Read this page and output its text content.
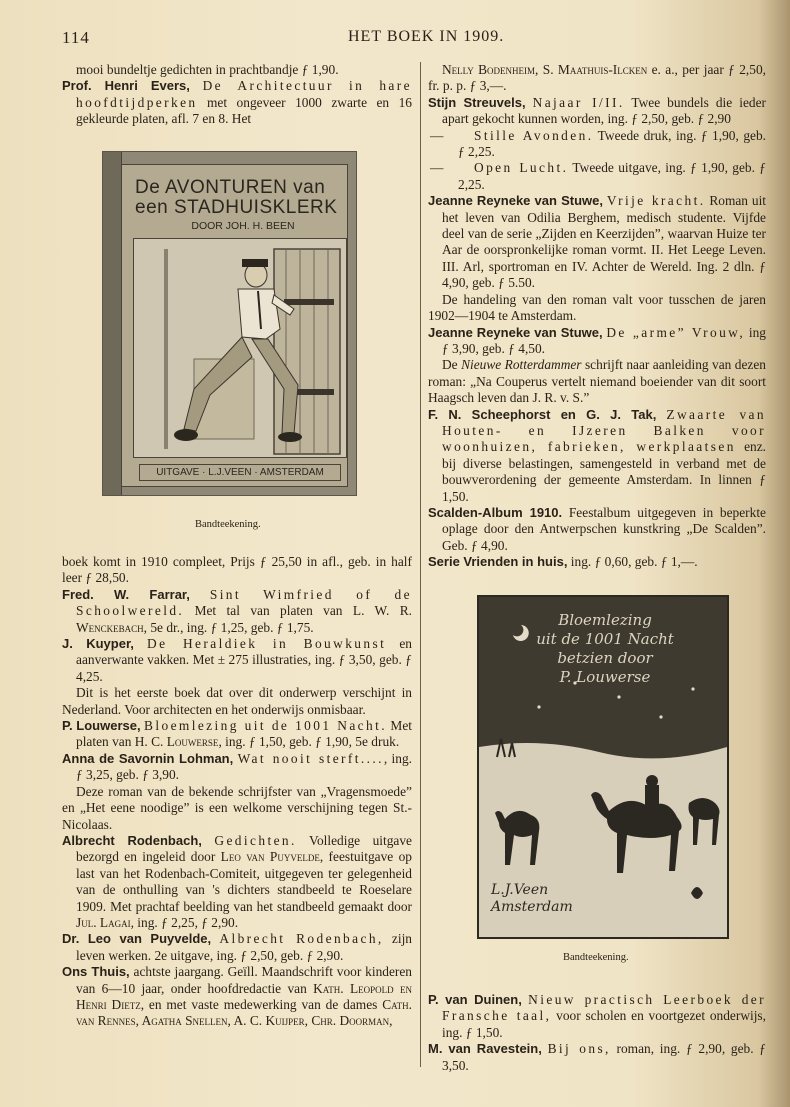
114	HET BOEK IN 1909.

mooi bundeltje gedichten in prachtbandje ƒ 1,90.

Prof. Henri Evers, De Architectuur in hare hoofdtijdperken met ongeveer 1000 zwarte en 16 gekleurde platen, afl. 7 en 8. Het

De AVONTUREN van
een STADHUISKLERK
DOOR JOH. H. BEEN
UITGAVE · L.J.VEEN · AMSTERDAM
Bandteekening.

boek komt in 1910 compleet, Prijs ƒ 25,50 in afl., geb. in half leer ƒ 28,50.

Fred. W. Farrar, Sint Wimfried of de Schoolwereld. Met tal van platen van L. W. R. Wenckebach, 5e dr., ing. ƒ 1,25, geb. ƒ 1,75.

J. Kuyper, De Heraldiek in Bouwkunst en aanverwante vakken. Met ± 275 illustraties, ing. ƒ 3,50, geb. ƒ 4,25.

Dit is het eerste boek dat over dit onderwerp verschijnt in Nederland. Voor architecten en het onderwijs onmisbaar.

P. Louwerse, Bloemlezing uit de 1001 Nacht. Met platen van H. C. Louwerse, ing. ƒ 1,50, geb. ƒ 1,90, 5e druk.

Anna de Savornin Lohman, Wat nooit sterft...., ing. ƒ 3,25, geb. ƒ 3,90.

Deze roman van de bekende schrijfster van „Vragensmoede” en „Het eene noodige” is een welkome verschijning tegen St.-Nicolaas.

Albrecht Rodenbach, Gedichten. Volledige uitgave bezorgd en ingeleid door Leo van Puyvelde, feestuitgave op last van het Rodenbach-Comiteit, uitgegeven ter gelegenheid van de onthulling van 's dichters standbeeld te Roeselare 1909. Met prachtaf beelding van het standbeeld gemaakt door Jul. Lagai, ing. ƒ 2,25, ƒ 2,90.

Dr. Leo van Puyvelde, Albrecht Rodenbach, zijn leven werken. 2e uitgave, ing. ƒ 2,50, geb. ƒ 2,90.

Ons Thuis, achtste jaargang. Geïll. Maandschrift voor kinderen van 6—10 jaar, onder hoofdredactie van Kath. Leopold en Henri Dietz, en met vaste medewerking van de dames Cath. van Rennes, Agatha Snellen, A. C. Kuijper, Chr. Doorman,

Nelly Bodenheim, S. Maathuis-Ilcken e. a., per jaar ƒ 2,50, fr. p. p. ƒ 3,—.

Stijn Streuvels, Najaar I/II. Twee bundels die ieder apart gekocht kunnen worden, ing. ƒ 2,50, geb. ƒ 2,90

— Stille Avonden. Tweede druk, ing. ƒ 1,90, geb. ƒ 2,25.

— Open Lucht. Tweede uitgave, ing. ƒ 1,90, geb. ƒ 2,25.

Jeanne Reyneke van Stuwe, Vrije kracht. Roman uit het leven van Odilia Berghem, medisch studente. Vijfde deel van de serie „Zijden en Keerzijden”, waarvan Huize ter Aar de oorspronkelijke roman vormt. II. Het Leege Leven. III. Arl, sportroman en IV. Achter de Wereld. Ing. 2 dln. ƒ 4,90, geb. ƒ 5.50.

De handeling van den roman valt voor tusschen de jaren 1902—1904 te Amsterdam.

Jeanne Reyneke van Stuwe, De „arme” Vrouw, ing ƒ 3,90, geb. ƒ 4,50.

De Nieuwe Rotterdammer schrijft naar aanleiding van dezen roman: „Na Couperus vertelt niemand boeiender van dit soort Haagsch leven dan J. R. v. S.”

F. N. Scheephorst en G. J. Tak, Zwaarte van Houten- en IJzeren Balken voor woonhuizen, fabrieken, werkplaatsen enz. bij diverse belastingen, samengesteld in verband met de bouwverordening der gemeente Amsterdam. In linnen ƒ 1,50.

Scalden-Album 1910. Feestalbum uitgegeven in beperkte oplage door den Antwerpschen kunstkring „De Scalden”. Geb. ƒ 4,90.

Serie Vrienden in huis, ing. ƒ 0,60, geb. ƒ 1,—.

Bloemlezing
uit de 1001 Nacht
betzien door
P. Louwerse
L.J.Veen
Amsterdam
Bandteekening.

P. van Duinen, Nieuw practisch Leerboek der Fransche taal, voor scholen en voortgezet onderwijs, ing. ƒ 1,50.

M. van Ravestein, Bij ons, roman, ing. ƒ 2,90, geb. ƒ 3,50.
